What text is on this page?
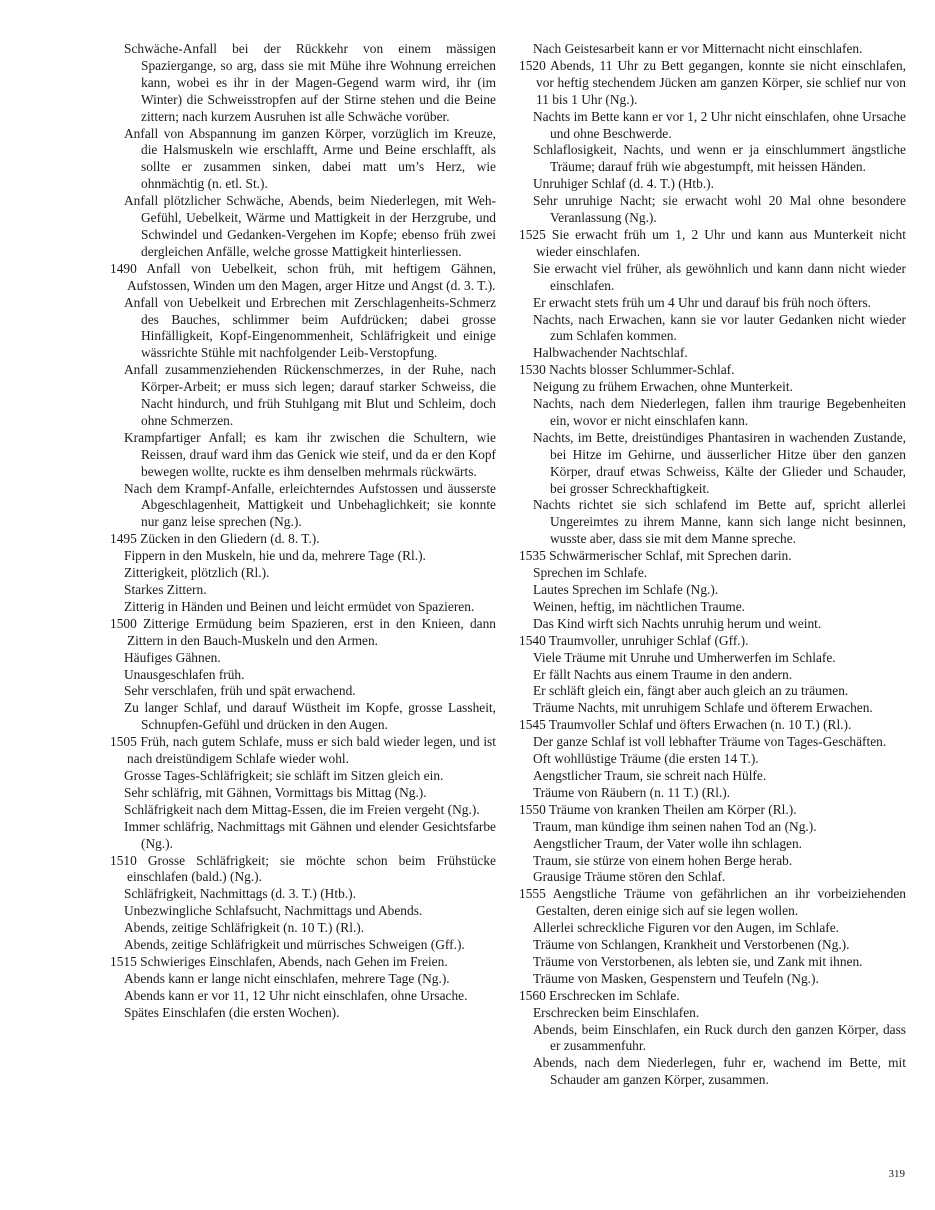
Schwäche-Anfall bei der Rückkehr von einem mässigen Spaziergange, so arg, dass sie mit Mühe ihre Wohnung erreichen kann, wobei es ihr in der Magen-Gegend warm wird, ihr (im Winter) die Schweisstropfen auf der Stirne stehen und die Beine zittern; nach kurzem Ausruhen ist alle Schwäche vorüber.
Anfall von Abspannung im ganzen Körper, vorzüglich im Kreuze, die Halsmuskeln wie erschlafft, Arme und Beine erschlafft, als sollte er zusammen sinken, dabei matt um’s Herz, wie ohnmächtig (n. etl. St.).
Anfall plötzlicher Schwäche, Abends, beim Niederlegen, mit Weh-Gefühl, Uebelkeit, Wärme und Mattigkeit in der Herzgrube, und Schwindel und Gedanken-Vergehen im Kopfe; ebenso früh zwei dergleichen Anfälle, welche grosse Mattigkeit hinterliessen.
1490 Anfall von Uebelkeit, schon früh, mit heftigem Gähnen, Aufstossen, Winden um den Magen, arger Hitze und Angst (d. 3. T.).
Anfall von Uebelkeit und Erbrechen mit Zerschlagenheits-Schmerz des Bauches, schlimmer beim Aufdrücken; dabei grosse Hinfälligkeit, Kopf-Eingenommenheit, Schläfrigkeit und einige wässrichte Stühle mit nachfolgender Leib-Verstopfung.
Anfall zusammenziehenden Rückenschmerzes, in der Ruhe, nach Körper-Arbeit; er muss sich legen; darauf starker Schweiss, die Nacht hindurch, und früh Stuhlgang mit Blut und Schleim, doch ohne Schmerzen.
Krampfartiger Anfall; es kam ihr zwischen die Schultern, wie Reissen, drauf ward ihm das Genick wie steif, und da er den Kopf bewegen wollte, ruckte es ihm denselben mehrmals rückwärts.
Nach dem Krampf-Anfalle, erleichterndes Aufstossen und äusserste Abgeschlagenheit, Mattigkeit und Unbehaglichkeit; sie konnte nur ganz leise sprechen (Ng.).
1495 Zücken in den Gliedern (d. 8. T.).
Fippern in den Muskeln, hie und da, mehrere Tage (Rl.).
Zitterigkeit, plötzlich (Rl.).
Starkes Zittern.
Zitterig in Händen und Beinen und leicht ermüdet von Spazieren.
1500 Zitterige Ermüdung beim Spazieren, erst in den Knieen, dann Zittern in den Bauch-Muskeln und den Armen.
Häufiges Gähnen.
Unausgeschlafen früh.
Sehr verschlafen, früh und spät erwachend.
Zu langer Schlaf, und darauf Wüstheit im Kopfe, grosse Lassheit, Schnupfen-Gefühl und drücken in den Augen.
1505 Früh, nach gutem Schlafe, muss er sich bald wieder legen, und ist nach dreistündigem Schlafe wieder wohl.
Grosse Tages-Schläfrigkeit; sie schläft im Sitzen gleich ein.
Sehr schläfrig, mit Gähnen, Vormittags bis Mittag (Ng.).
Schläfrigkeit nach dem Mittag-Essen, die im Freien vergeht (Ng.).
Immer schläfrig, Nachmittags mit Gähnen und elender Gesichtsfarbe (Ng.).
1510 Grosse Schläfrigkeit; sie möchte schon beim Frühstücke einschlafen (bald.) (Ng.).
Schläfrigkeit, Nachmittags (d. 3. T.) (Htb.).
Unbezwingliche Schlafsucht, Nachmittags und Abends.
Abends, zeitige Schläfrigkeit (n. 10 T.) (Rl.).
Abends, zeitige Schläfrigkeit und mürrisches Schweigen (Gff.).
1515 Schwieriges Einschlafen, Abends, nach Gehen im Freien.
Abends kann er lange nicht einschlafen, mehrere Tage (Ng.).
Abends kann er vor 11, 12 Uhr nicht einschlafen, ohne Ursache.
Spätes Einschlafen (die ersten Wochen).
Nach Geistesarbeit kann er vor Mitternacht nicht einschlafen.
1520 Abends, 11 Uhr zu Bett gegangen, konnte sie nicht einschlafen, vor heftig stechendem Jücken am ganzen Körper, sie schlief nur von 11 bis 1 Uhr (Ng.).
Nachts im Bette kann er vor 1, 2 Uhr nicht einschlafen, ohne Ursache und ohne Beschwerde.
Schlaflosigkeit, Nachts, und wenn er ja einschlummert ängstliche Träume; darauf früh wie abgestumpft, mit heissen Händen.
Unruhiger Schlaf (d. 4. T.) (Htb.).
Sehr unruhige Nacht; sie erwacht wohl 20 Mal ohne besondere Veranlassung (Ng.).
1525 Sie erwacht früh um 1, 2 Uhr und kann aus Munterkeit nicht wieder einschlafen.
Sie erwacht viel früher, als gewöhnlich und kann dann nicht wieder einschlafen.
Er erwacht stets früh um 4 Uhr und darauf bis früh noch öfters.
Nachts, nach Erwachen, kann sie vor lauter Gedanken nicht wieder zum Schlafen kommen.
Halbwachender Nachtschlaf.
1530 Nachts blosser Schlummer-Schlaf.
Neigung zu frühem Erwachen, ohne Munterkeit.
Nachts, nach dem Niederlegen, fallen ihm traurige Begebenheiten ein, wovor er nicht einschlafen kann.
Nachts, im Bette, dreistündiges Phantasiren in wachenden Zustande, bei Hitze im Gehirne, und äusserlicher Hitze über den ganzen Körper, drauf etwas Schweiss, Kälte der Glieder und Schauder, bei grosser Schreckhaftigkeit.
Nachts richtet sie sich schlafend im Bette auf, spricht allerlei Ungereimtes zu ihrem Manne, kann sich lange nicht besinnen, wusste aber, dass sie mit dem Manne spreche.
1535 Schwärmerischer Schlaf, mit Sprechen darin.
Sprechen im Schlafe.
Lautes Sprechen im Schlafe (Ng.).
Weinen, heftig, im nächtlichen Traume.
Das Kind wirft sich Nachts unruhig herum und weint.
1540 Traumvoller, unruhiger Schlaf (Gff.).
Viele Träume mit Unruhe und Umherwerfen im Schlafe.
Er fällt Nachts aus einem Traume in den andern.
Er schläft gleich ein, fängt aber auch gleich an zu träumen.
Träume Nachts, mit unruhigem Schlafe und öfterem Erwachen.
1545 Traumvoller Schlaf und öfters Erwachen (n. 10 T.) (Rl.).
Der ganze Schlaf ist voll lebhafter Träume von Tages-Geschäften.
Oft wohllüstige Träume (die ersten 14 T.).
Aengstlicher Traum, sie schreit nach Hülfe.
Träume von Räubern (n. 11 T.) (Rl.).
1550 Träume von kranken Theilen am Körper (Rl.).
Traum, man kündige ihm seinen nahen Tod an (Ng.).
Aengstlicher Traum, der Vater wolle ihn schlagen.
Traum, sie stürze von einem hohen Berge herab.
Grausige Träume stören den Schlaf.
1555 Aengstliche Träume von gefährlichen an ihr vorbeiziehenden Gestalten, deren einige sich auf sie legen wollen.
Allerlei schreckliche Figuren vor den Augen, im Schlafe.
Träume von Schlangen, Krankheit und Verstorbenen (Ng.).
Träume von Verstorbenen, als lebten sie, und Zank mit ihnen.
Träume von Masken, Gespenstern und Teufeln (Ng.).
1560 Erschrecken im Schlafe.
Erschrecken beim Einschlafen.
Abends, beim Einschlafen, ein Ruck durch den ganzen Körper, dass er zusammenfuhr.
Abends, nach dem Niederlegen, fuhr er, wachend im Bette, mit Schauder am ganzen Körper, zusammen.
319
